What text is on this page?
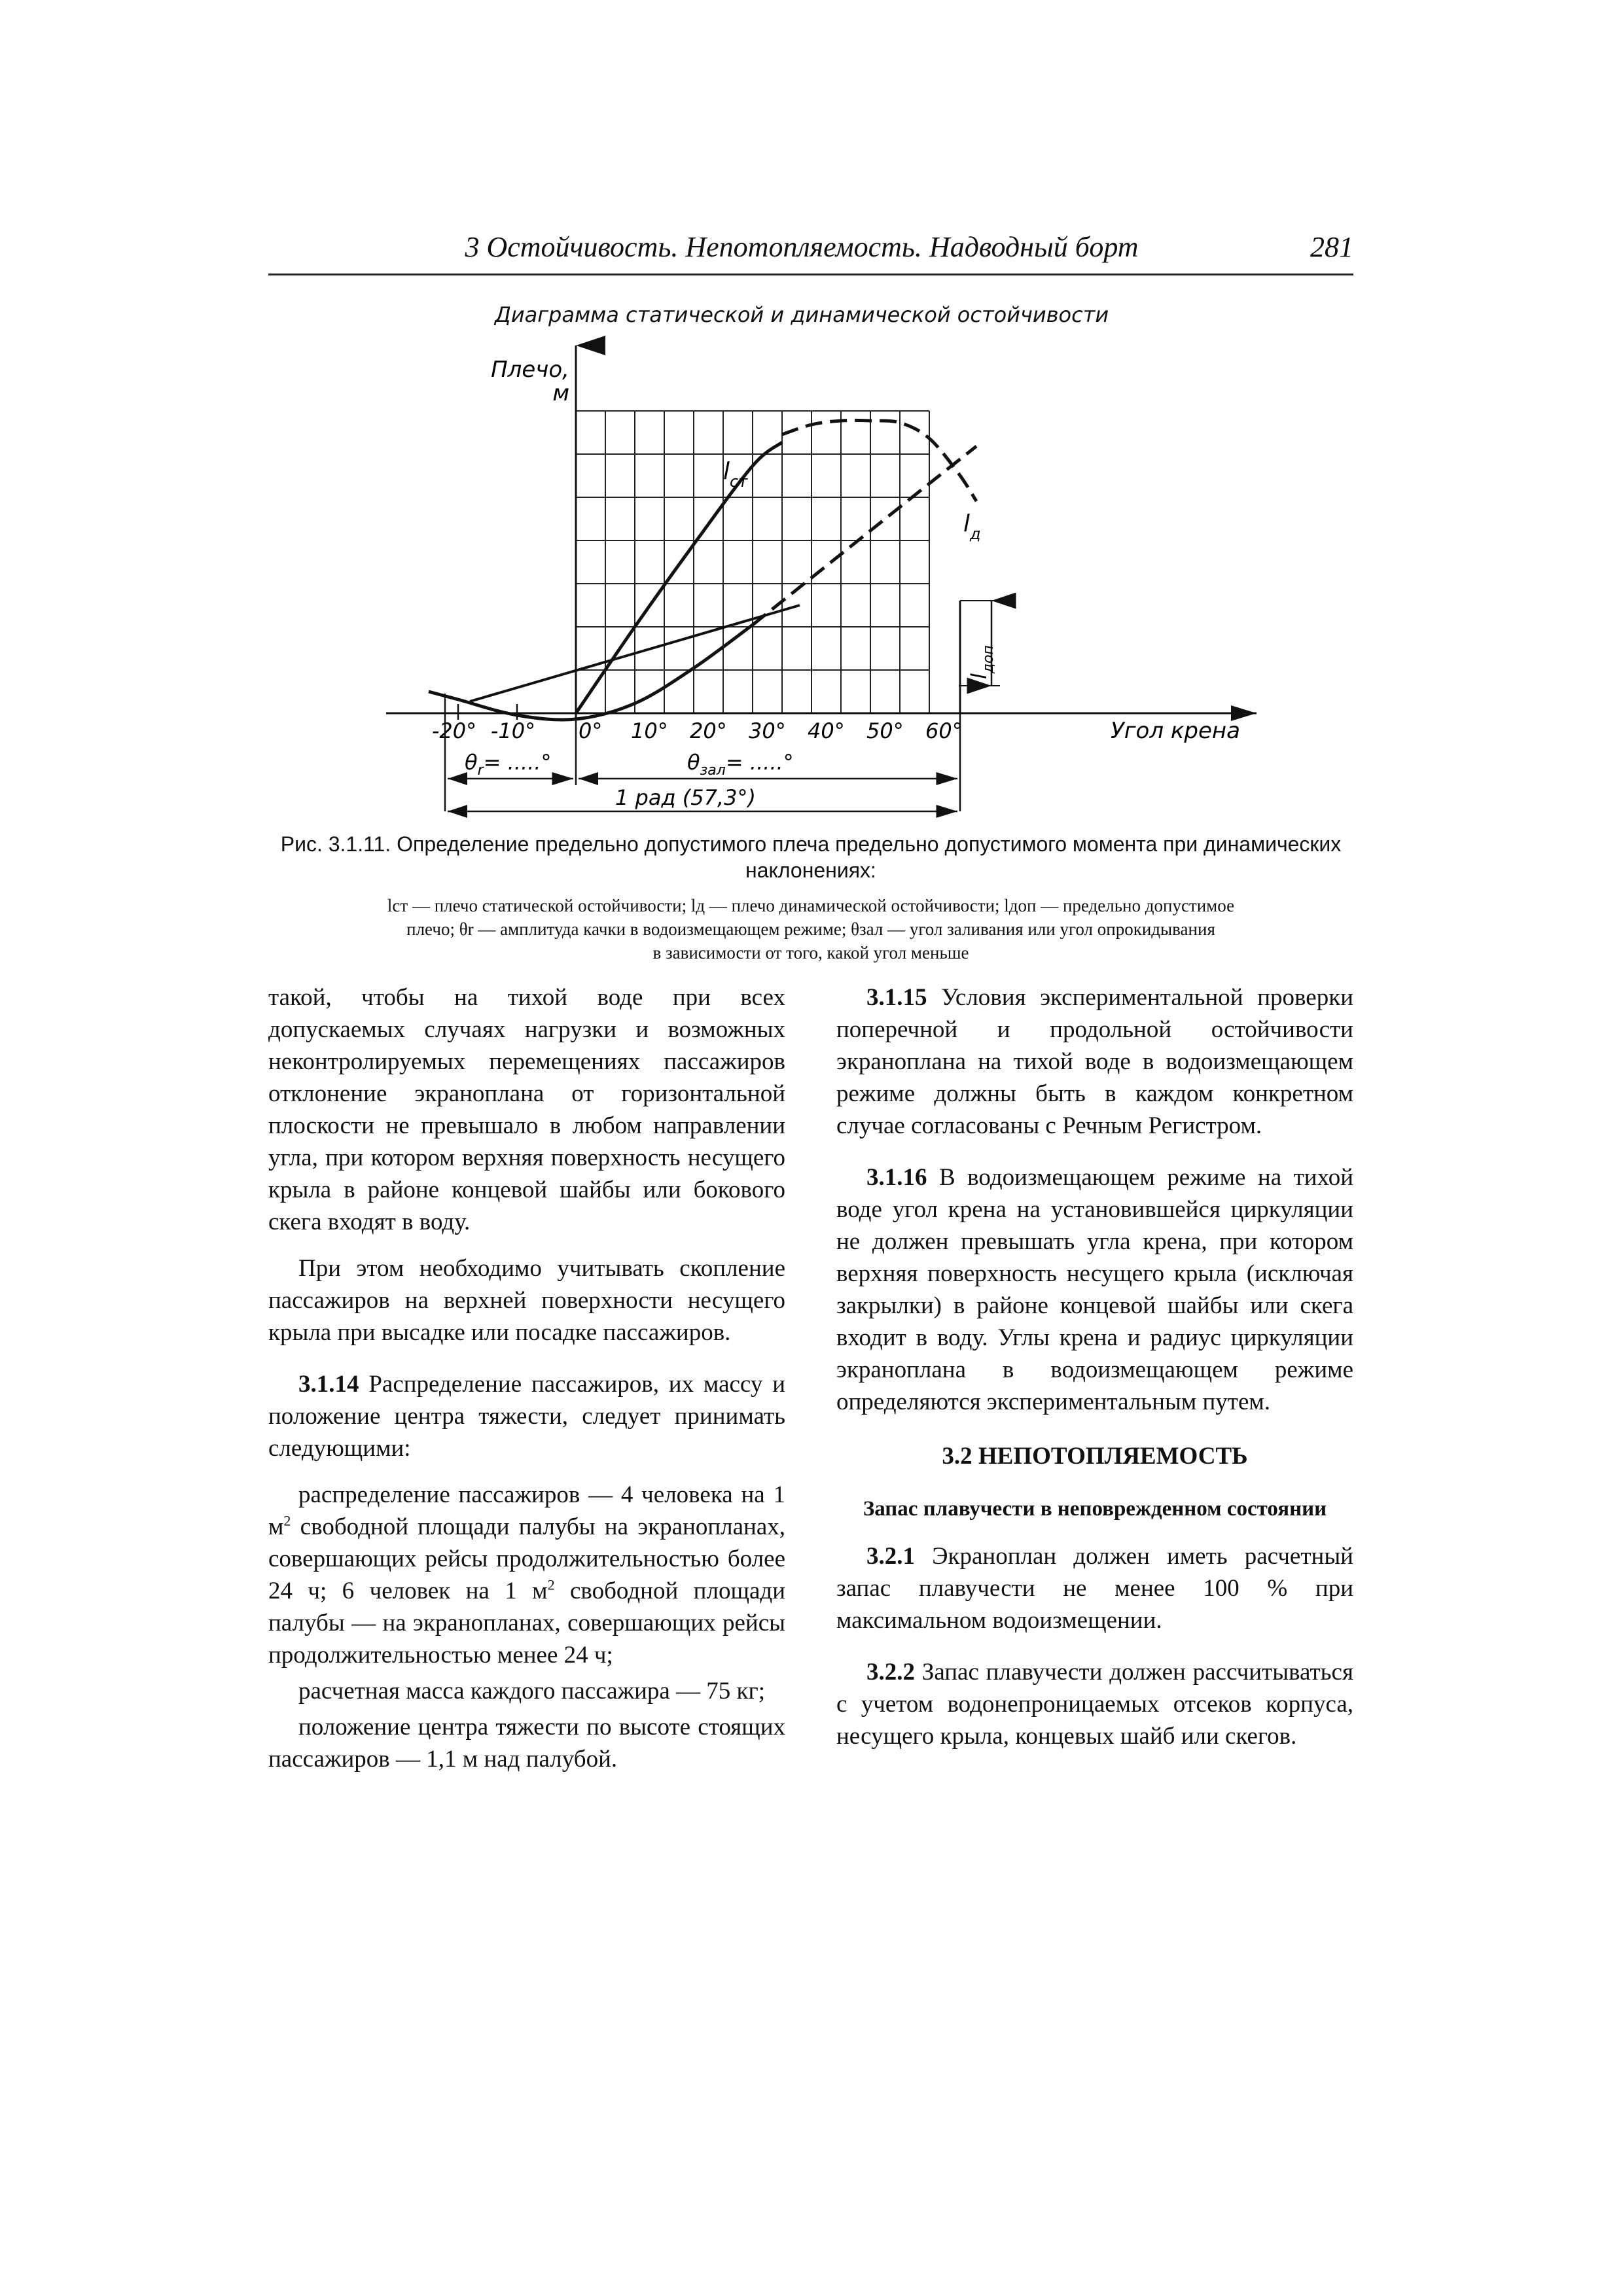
3 Остойчивость. Непотопляемость. Надводный борт	281
Диаграмма статической и динамической остойчивости
-20° -10° 0° 10° 20° 30° 40° 50° 60°
Плечо,
м
Угол крена
$l_{ст}$
$l_д$
$l_{доп}$
$\theta_r=$ .....°	$\theta_{зал}=$ .....°
1 рад (57,3°)
Рис. 3.1.11. Определение предельно допустимого плеча предельно допустимого момента при динамических наклонениях:
lст — плечо статической остойчивости; lд — плечо динамической остойчивости; lдоп — предельно допустимое
плечо; θr — амплитуда качки в водоизмещающем режиме; θзал — угол заливания или угол опрокидывания
в зависимости от того, какой угол меньше

такой, чтобы на тихой воде при всех допускаемых случаях нагрузки и возможных неконтролируемых перемещениях пассажиров отклонение экраноплана от горизонтальной плоскости не превышало в любом направлении угла, при котором верхняя поверхность несущего крыла в районе концевой шайбы или бокового скега входят в воду.

При этом необходимо учитывать скопление пассажиров на верхней поверхности несущего крыла при высадке или посадке пассажиров.

3.1.14 Распределение пассажиров, их массу и положение центра тяжести, следует принимать следующими:

распределение пассажиров — 4 человека на 1 $м^2$ свободной площади палубы на экранопланах, совершающих рейсы продолжительностью более 24 ч; 6 человек на 1 $м^2$ свободной площади палубы — на экранопланах, совершающих рейсы продолжительностью менее 24 ч;

расчетная масса каждого пассажира — 75 кг;

положение центра тяжести по высоте стоящих пассажиров — 1,1 м над палубой.

3.1.15 Условия экспериментальной проверки поперечной и продольной остойчивости экраноплана на тихой воде в водоизмещающем режиме должны быть в каждом конкретном случае согласованы с Речным Регистром.

3.1.16 В водоизмещающем режиме на тихой воде угол крена на установившейся циркуляции не должен превышать угла крена, при котором верхняя поверхность несущего крыла (исключая закрылки) в районе концевой шайбы или скега входит в воду. Углы крена и радиус циркуляции экраноплана в водоизмещающем режиме определяются экспериментальным путем.

3.2 НЕПОТОПЛЯЕМОСТЬ
Запас плавучести в неповрежденном состоянии

3.2.1 Экраноплан должен иметь расчетный запас плавучести не менее 100 % при максимальном водоизмещении.

3.2.2 Запас плавучести должен рассчитываться с учетом водонепроницаемых отсеков корпуса, несущего крыла, концевых шайб или скегов.
